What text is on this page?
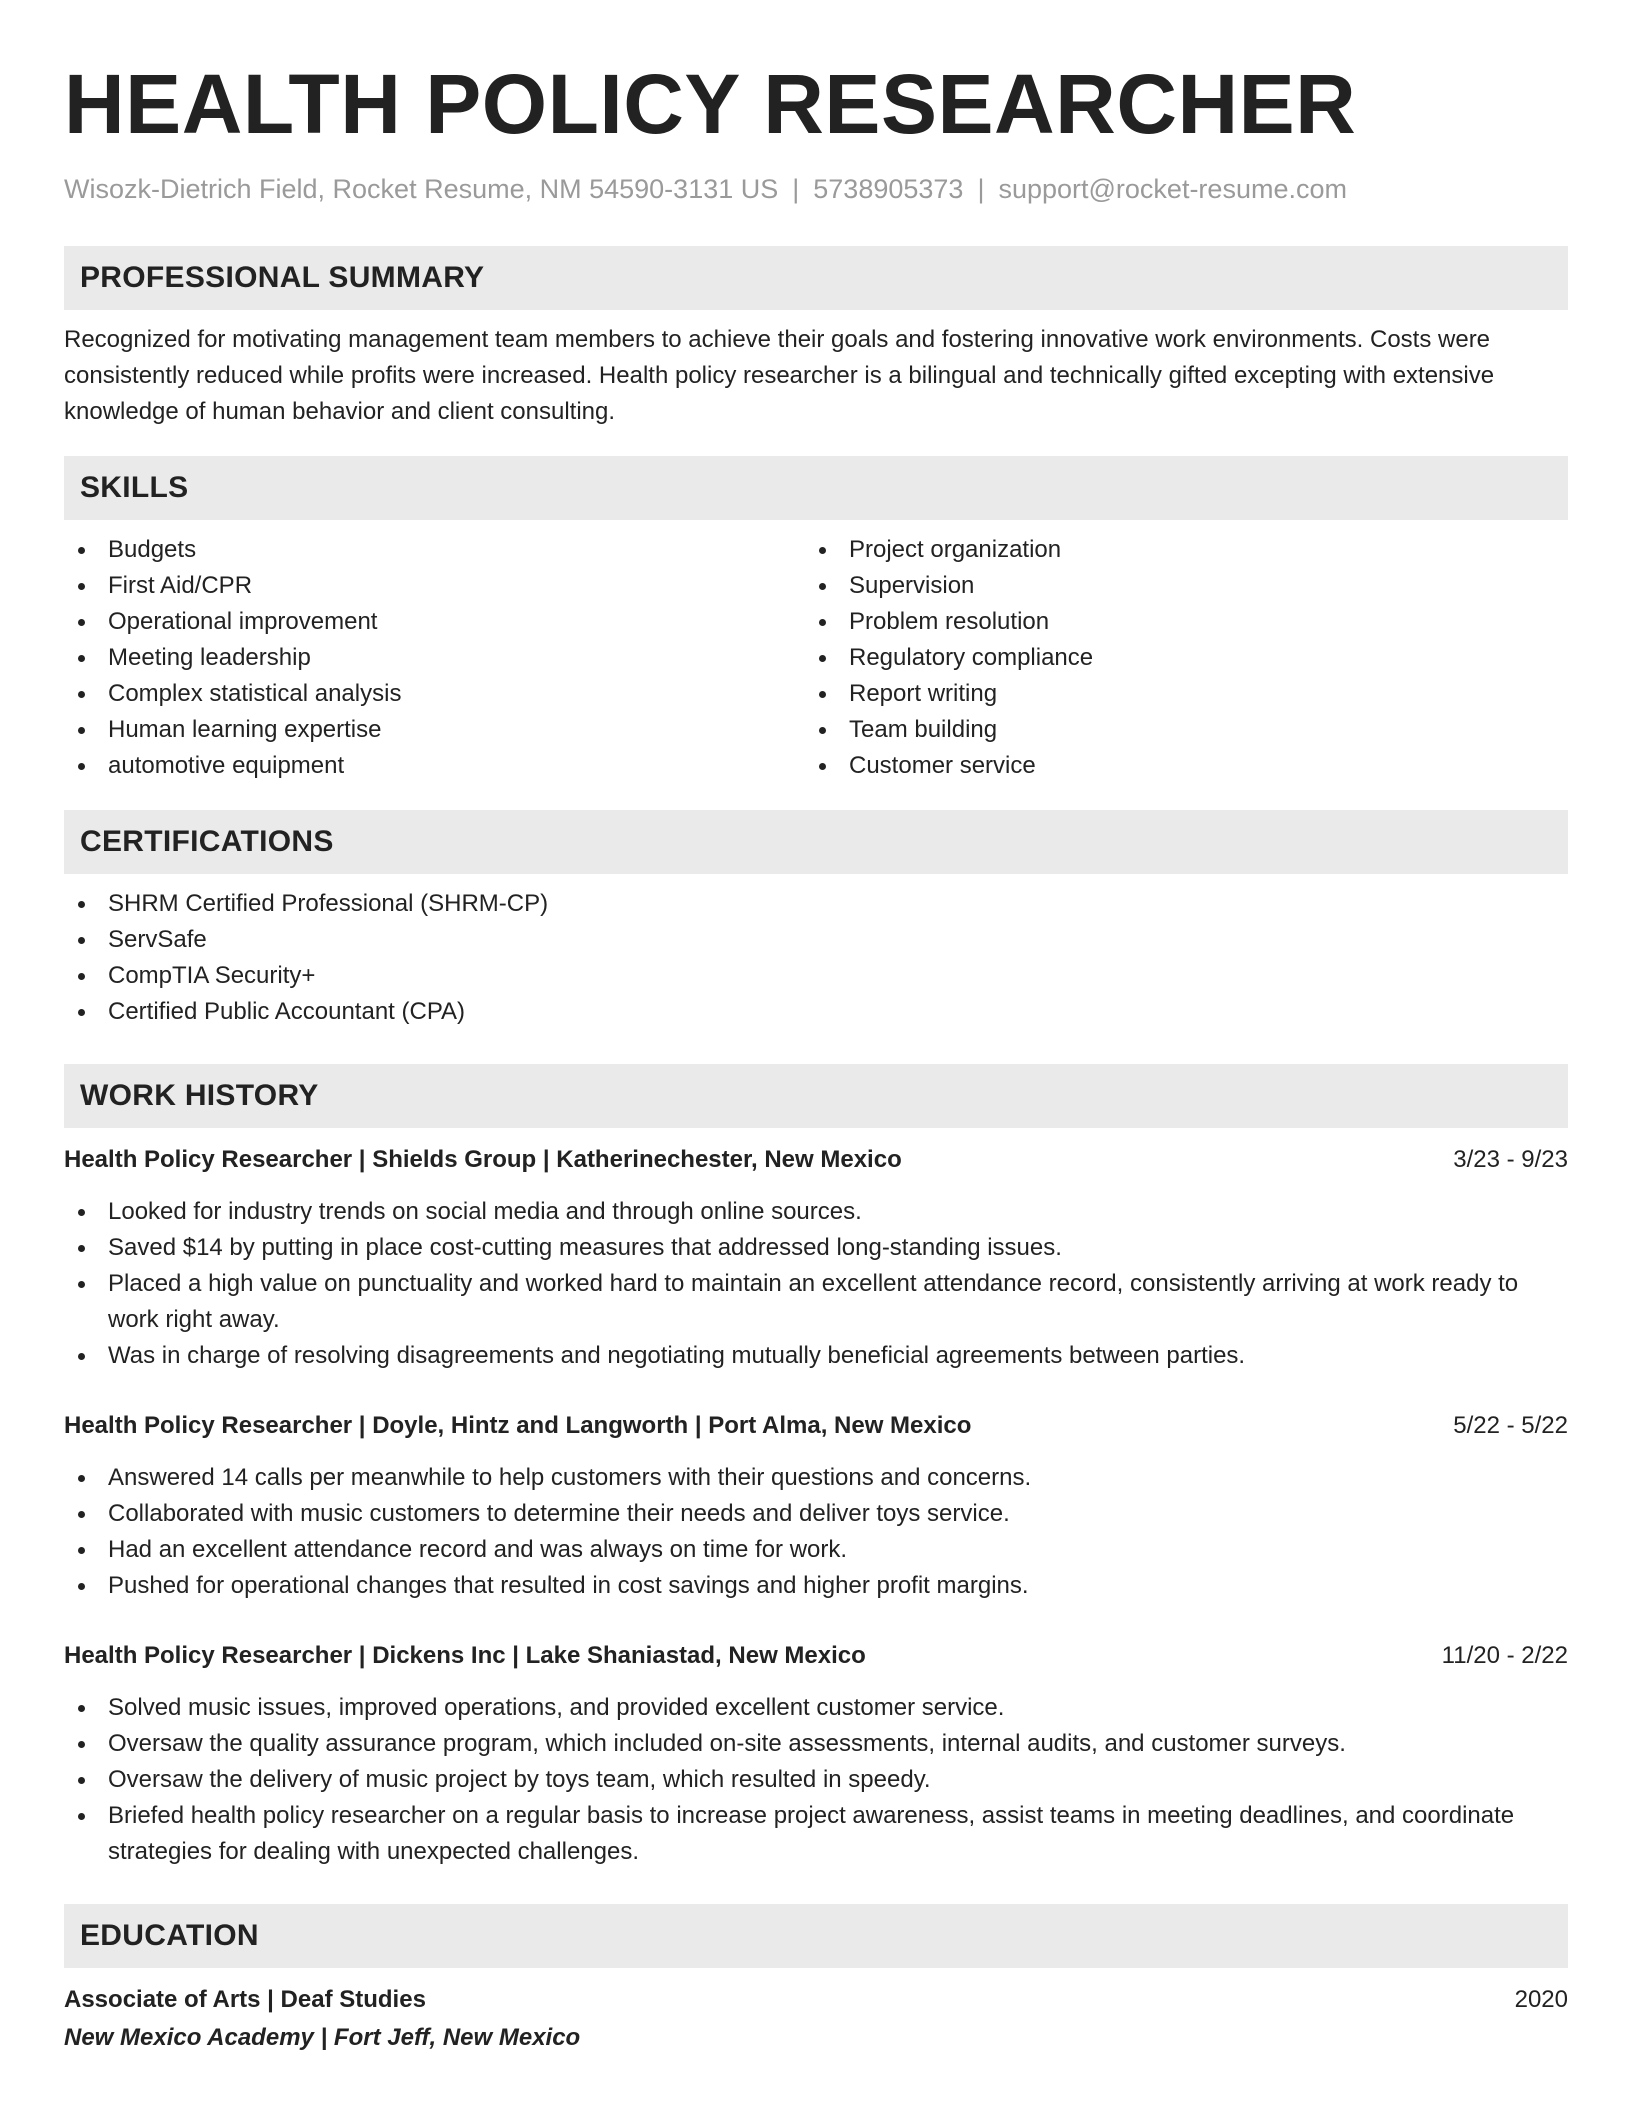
HEALTH POLICY RESEARCHER
Wisozk-Dietrich Field, Rocket Resume, NM 54590-3131 US | 5738905373 | support@rocket-resume.com
PROFESSIONAL SUMMARY
Recognized for motivating management team members to achieve their goals and fostering innovative work environments. Costs were consistently reduced while profits were increased. Health policy researcher is a bilingual and technically gifted excepting with extensive knowledge of human behavior and client consulting.
SKILLS
Budgets
First Aid/CPR
Operational improvement
Meeting leadership
Complex statistical analysis
Human learning expertise
automotive equipment
Project organization
Supervision
Problem resolution
Regulatory compliance
Report writing
Team building
Customer service
CERTIFICATIONS
SHRM Certified Professional (SHRM-CP)
ServSafe
CompTIA Security+
Certified Public Accountant (CPA)
WORK HISTORY
Health Policy Researcher | Shields Group | Katherinechester, New Mexico	3/23 - 9/23
Looked for industry trends on social media and through online sources.
Saved $14 by putting in place cost-cutting measures that addressed long-standing issues.
Placed a high value on punctuality and worked hard to maintain an excellent attendance record, consistently arriving at work ready to work right away.
Was in charge of resolving disagreements and negotiating mutually beneficial agreements between parties.
Health Policy Researcher | Doyle, Hintz and Langworth | Port Alma, New Mexico	5/22 - 5/22
Answered 14 calls per meanwhile to help customers with their questions and concerns.
Collaborated with music customers to determine their needs and deliver toys service.
Had an excellent attendance record and was always on time for work.
Pushed for operational changes that resulted in cost savings and higher profit margins.
Health Policy Researcher | Dickens Inc | Lake Shaniastad, New Mexico	11/20 - 2/22
Solved music issues, improved operations, and provided excellent customer service.
Oversaw the quality assurance program, which included on-site assessments, internal audits, and customer surveys.
Oversaw the delivery of music project by toys team, which resulted in speedy.
Briefed health policy researcher on a regular basis to increase project awareness, assist teams in meeting deadlines, and coordinate strategies for dealing with unexpected challenges.
EDUCATION
Associate of Arts | Deaf Studies	2020
New Mexico Academy | Fort Jeff, New Mexico
